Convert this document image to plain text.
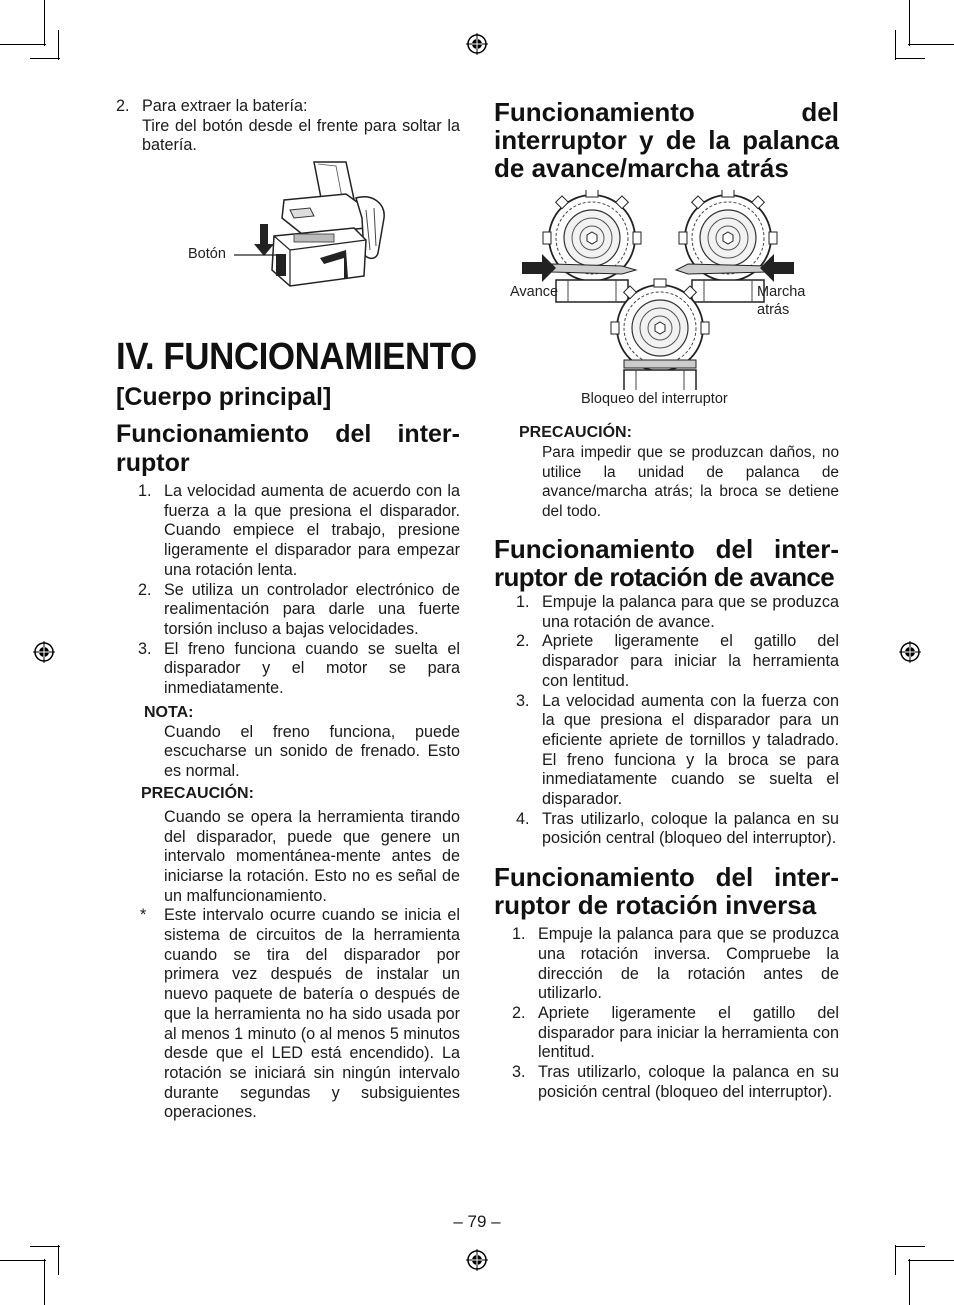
2. Para extraer la batería:
Tire del botón desde el frente para soltar la batería.
Botón
IV. FUNCIONAMIENTO
[Cuerpo principal]
Funcionamiento del inter-
ruptor
1. La velocidad aumenta de acuerdo con la fuerza a la que presiona el disparador. Cuando empiece el trabajo, presione ligeramente el disparador para empezar una rotación lenta.
2. Se utiliza un controlador electrónico de realimentación para darle una fuerte torsión incluso a bajas velocidades.
3. El freno funciona cuando se suelta el disparador y el motor se para inmediatamente.
NOTA:
Cuando el freno funciona, puede escucharse un sonido de frenado. Esto es normal.
PRECAUCIÓN:
Cuando se opera la herramienta tirando del disparador, puede que genere un intervalo momentánea-mente antes de iniciarse la rotación. Esto no es señal de un malfuncionamiento.
*	Este intervalo ocurre cuando se inicia el sistema de circuitos de la herramienta cuando se tira del disparador por primera vez después de instalar un nuevo paquete de batería o después de que la herramienta no ha sido usada por al menos 1 minuto (o al menos 5 minutos desde que el LED está encendido). La rotación se iniciará sin ningún intervalo durante segundas y subsiguientes operaciones.
Funcionamiento del interruptor y de la palanca de avance/marcha atrás
Avance	Marcha
atrás
Bloqueo del interruptor
PRECAUCIÓN:
Para impedir que se produzcan daños, no utilice la unidad de palanca de avance/marcha atrás; la broca se detiene del todo.
Funcionamiento del inter-
ruptor de rotación de avance
1. Empuje la palanca para que se produzca una rotación de avance.
2. Apriete ligeramente el gatillo del disparador para iniciar la herramienta con lentitud.
3. La velocidad aumenta con la fuerza con la que presiona el disparador para un eficiente apriete de tornillos y taladrado. El freno funciona y la broca se para inmediatamente cuando se suelta el disparador.
4. Tras utilizarlo, coloque la palanca en su posición central (bloqueo del interruptor).
Funcionamiento del inter-
ruptor de rotación inversa
1. Empuje la palanca para que se produzca una rotación inversa. Compruebe la dirección de la rotación antes de utilizarlo.
2. Apriete ligeramente el gatillo del disparador para iniciar la herramienta con lentitud.
3. Tras utilizarlo, coloque la palanca en su posición central (bloqueo del interruptor).
– 79 –
